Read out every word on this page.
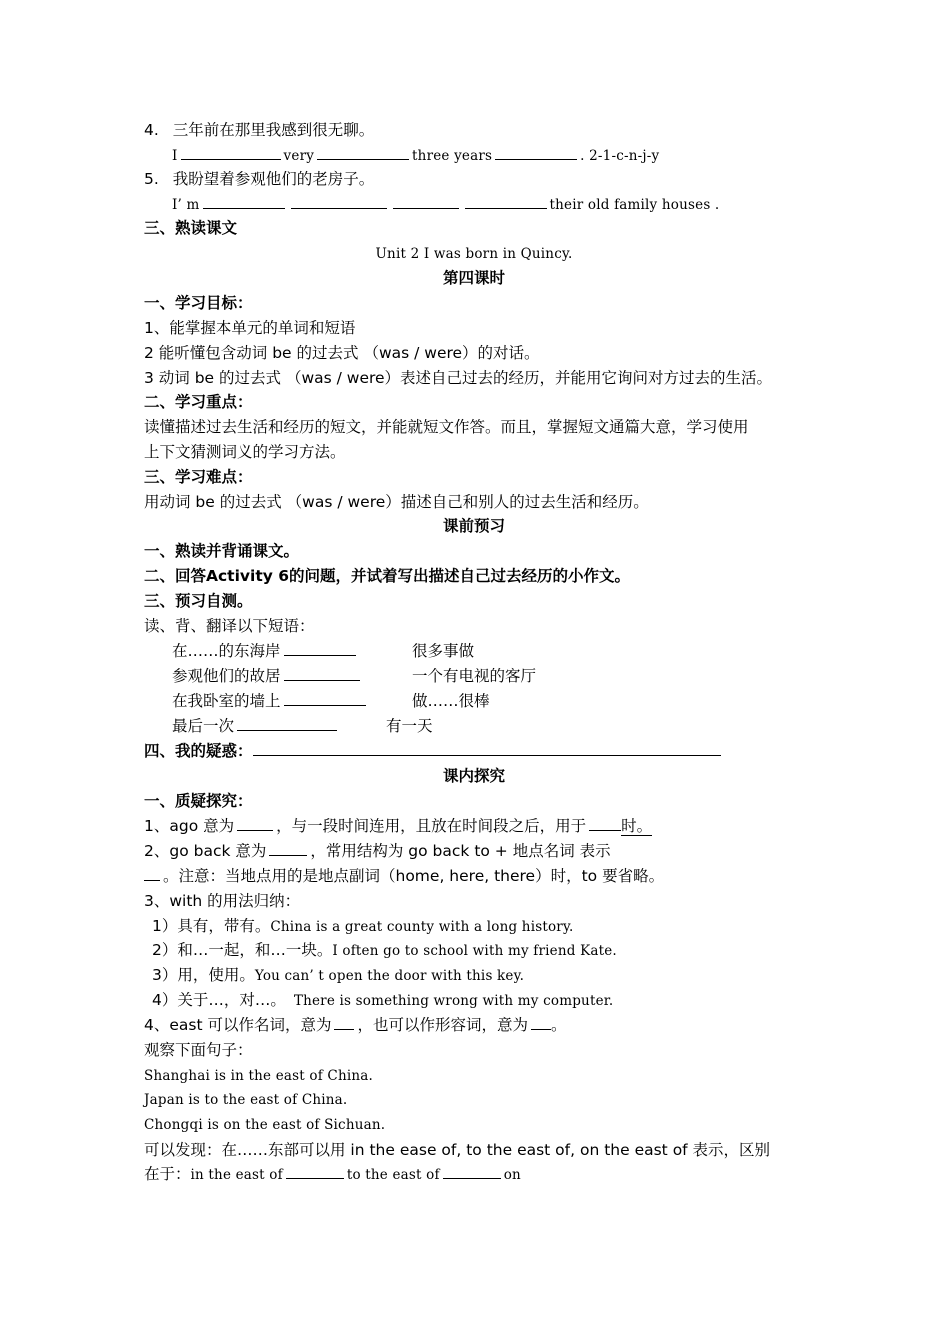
4. 三年前在那里我感到很无聊。
I	very	three years	. 2-1-c-n-j-y
5. 我盼望着参观他们的老房子。
I’ m	their old family houses .
三、熟读课文
Unit 2 I was born in Quincy.
第四课时
一、学习目标：
1、能掌握本单元的单词和短语
2 能听懂包含动词 be 的过去式 （was / were）的对话。
3 动词 be 的过去式 （was / were）表述自己过去的经历，并能用它询问对方过去的生活。
二、学习重点：
读懂描述过去生活和经历的短文，并能就短文作答。而且，掌握短文通篇大意，学习使用
上下文猜测词义的学习方法。
三、学习难点：
用动词 be 的过去式 （was / were）描述自己和别人的过去生活和经历。
课前预习
一、熟读并背诵课文。
二、回答Activity 6的问题，并试着写出描述自己过去经历的小作文。
三、预习自测。
读、背、翻译以下短语：
在……的东海岸	很多事做
参观他们的故居	一个有电视的客厅
在我卧室的墙上	做……很棒
最后一次	有一天
四、我的疑惑：
课内探究
一、质疑探究：
1、ago 意为	，与一段时间连用，且放在时间段之后，用于 时。
2、go back 意为	，常用结构为 go back to + 地点名词 表示
。注意：当地点用的是地点副词（home, here, there）时，to 要省略。
3、with 的用法归纳：
1）具有，带有。China is a great county with a long history.
2）和…一起，和…一块。I often go to school with my friend Kate.
3）用，使用。You can’ t open the door with this key.
4）关于…，对…。 There is something wrong with my computer.
4、east 可以作名词，意为 ，也可以作形容词，意为 。
观察下面句子：
Shanghai is in the east of China.
Japan is to the east of China.
Chongqi is on the east of Sichuan.
可以发现：在……东部可以用 in the ease of, to the east of, on the east of 表示，区别
在于：in the east of	to the east of	on
